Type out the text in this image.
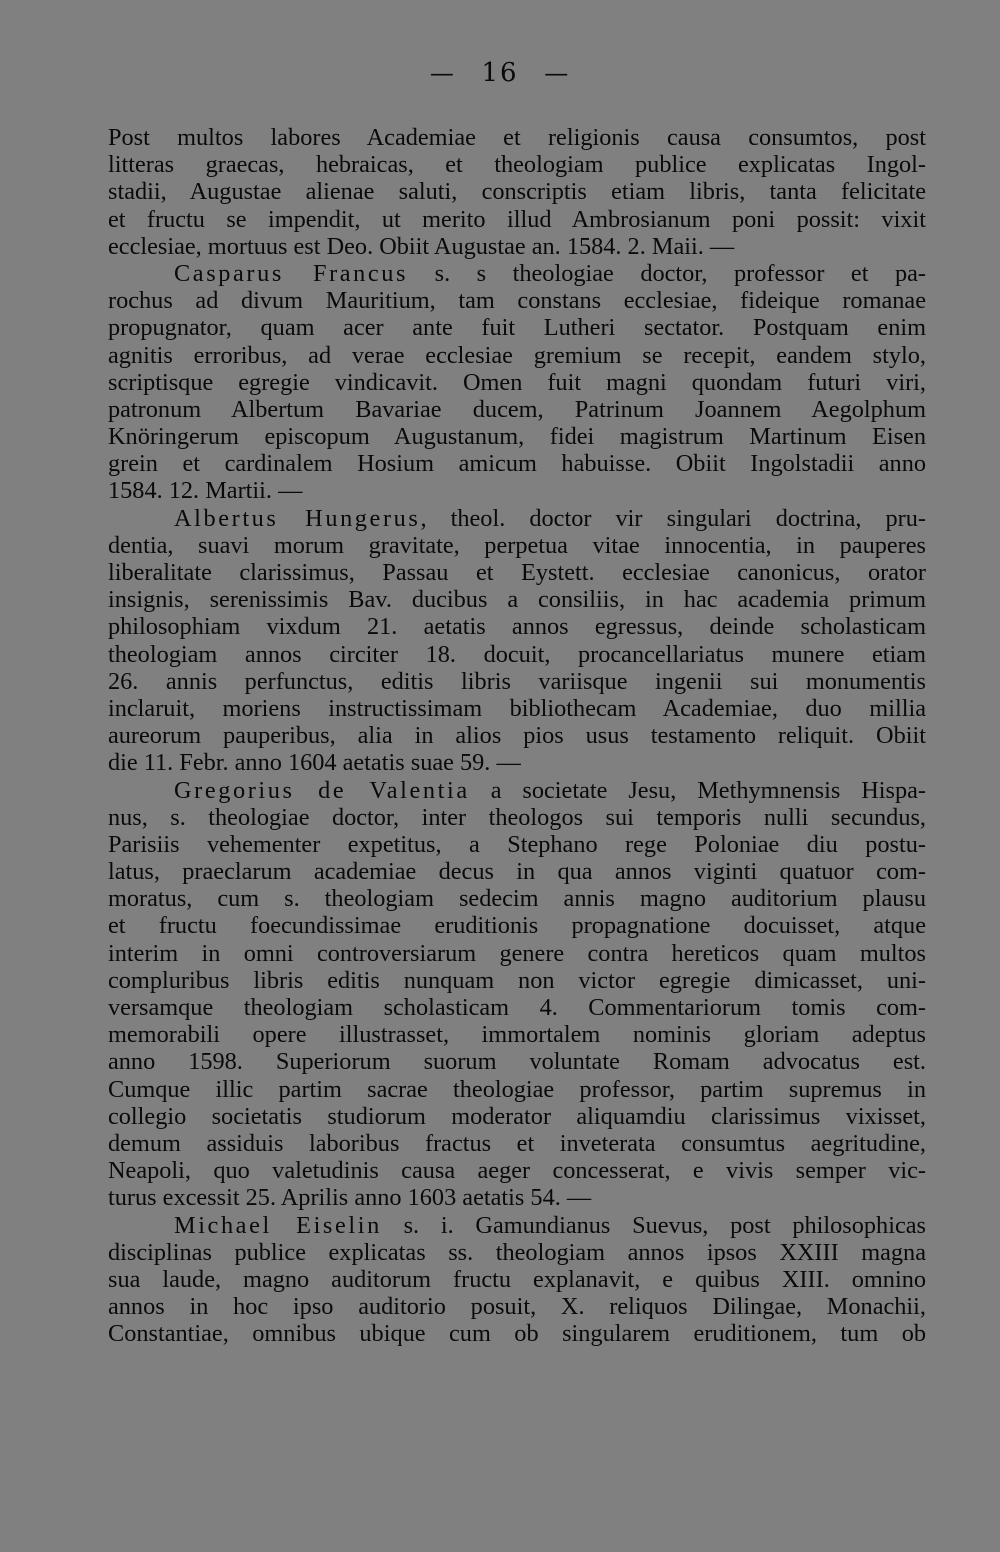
— 16 —
Post multos labores Academiae et religionis causa consumtos, post
litteras graecas, hebraicas, et theologiam publice explicatas Ingol-
stadii, Augustae alienae saluti, conscriptis etiam libris, tanta felicitate
et fructu se impendit, ut merito illud Ambrosianum poni possit: vixit
ecclesiae, mortuus est Deo. Obiit Augustae an. 1584. 2. Maii. —
Casparus Francus s. s theologiae doctor, professor et pa-
rochus ad divum Mauritium, tam constans ecclesiae, fideique romanae
propugnator, quam acer ante fuit Lutheri sectator. Postquam enim
agnitis erroribus, ad verae ecclesiae gremium se recepit, eandem stylo,
scriptisque egregie vindicavit. Omen fuit magni quondam futuri viri,
patronum Albertum Bavariae ducem, Patrinum Joannem Aegolphum
Knöringerum episcopum Augustanum, fidei magistrum Martinum Eisen
grein et cardinalem Hosium amicum habuisse. Obiit Ingolstadii anno
1584. 12. Martii. —
Albertus Hungerus, theol. doctor vir singulari doctrina, pru-
dentia, suavi morum gravitate, perpetua vitae innocentia, in pauperes
liberalitate clarissimus, Passau et Eystett. ecclesiae canonicus, orator
insignis, serenissimis Bav. ducibus a consiliis, in hac academia primum
philosophiam vixdum 21. aetatis annos egressus, deinde scholasticam
theologiam annos circiter 18. docuit, procancellariatus munere etiam
26. annis perfunctus, editis libris variisque ingenii sui monumentis
inclaruit, moriens instructissimam bibliothecam Academiae, duo millia
aureorum pauperibus, alia in alios pios usus testamento reliquit. Obiit
die 11. Febr. anno 1604 aetatis suae 59. —
Gregorius de Valentia a societate Jesu, Methymnensis Hispa-
nus, s. theologiae doctor, inter theologos sui temporis nulli secundus,
Parisiis vehementer expetitus, a Stephano rege Poloniae diu postu-
latus, praeclarum academiae decus in qua annos viginti quatuor com-
moratus, cum s. theologiam sedecim annis magno auditorium plausu
et fructu foecundissimae eruditionis propagnatione docuisset, atque
interim in omni controversiarum genere contra hereticos quam multos
compluribus libris editis nunquam non victor egregie dimicasset, uni-
versamque theologiam scholasticam 4. Commentariorum tomis com-
memorabili opere illustrasset, immortalem nominis gloriam adeptus
anno 1598. Superiorum suorum voluntate Romam advocatus est.
Cumque illic partim sacrae theologiae professor, partim supremus in
collegio societatis studiorum moderator aliquamdiu clarissimus vixisset,
demum assiduis laboribus fractus et inveterata consumtus aegritudine,
Neapoli, quo valetudinis causa aeger concesserat, e vivis semper vic-
turus excessit 25. Aprilis anno 1603 aetatis 54. —
Michael Eiselin s. i. Gamundianus Suevus, post philosophicas
disciplinas publice explicatas ss. theologiam annos ipsos XXIII magna
sua laude, magno auditorum fructu explanavit, e quibus XIII. omnino
annos in hoc ipso auditorio posuit, X. reliquos Dilingae, Monachii,
Constantiae, omnibus ubique cum ob singularem eruditionem, tum ob
